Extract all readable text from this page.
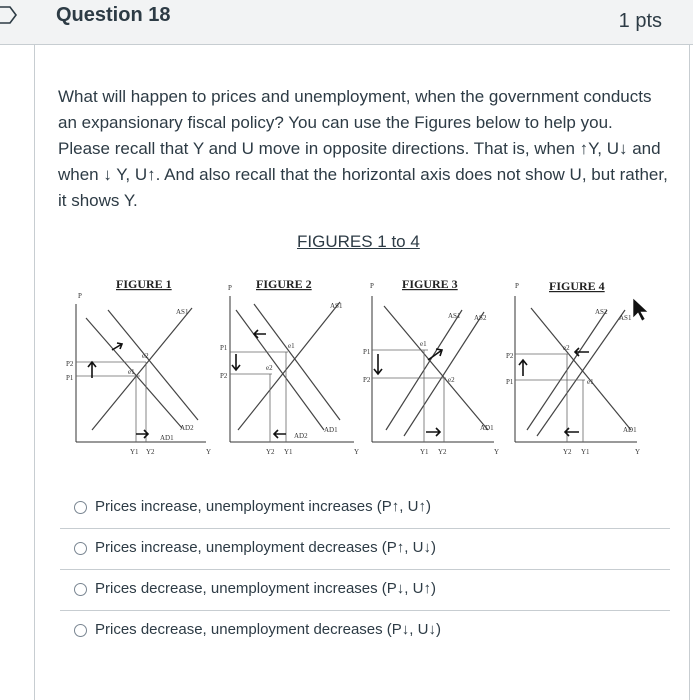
Question 18	1 pts
What will happen to prices and unemployment, when the government conducts an expansionary fiscal policy? You can use the Figures below to help you. Please recall that Y and U move in opposite directions. That is, when ↑Y, U↓ and when ↓ Y, U↑. And also recall that the horizontal axis does not show U, but rather, it shows Y.
FIGURES 1 to 4
FIGURE 1
P
P2
P1
Y1 Y2	Y
AS1
AD1
AD2
e1
e2
FIGURE 2
P
P1
P2
Y2 Y1	Y
AS1
AD2
AD1
e1
e2
FIGURE 3
P
P1
P2
Y1 Y2	Y
AS1 AS2
AD1
e1
e2
FIGURE 4
P
P2
P1
Y2 Y1	Y
AS2
AS1
AD1
e2
e1
Prices increase, unemployment increases (P↑, U↑)
Prices increase, unemployment decreases (P↑, U↓)
Prices decrease, unemployment increases (P↓, U↑)
Prices decrease, unemployment decreases (P↓, U↓)
